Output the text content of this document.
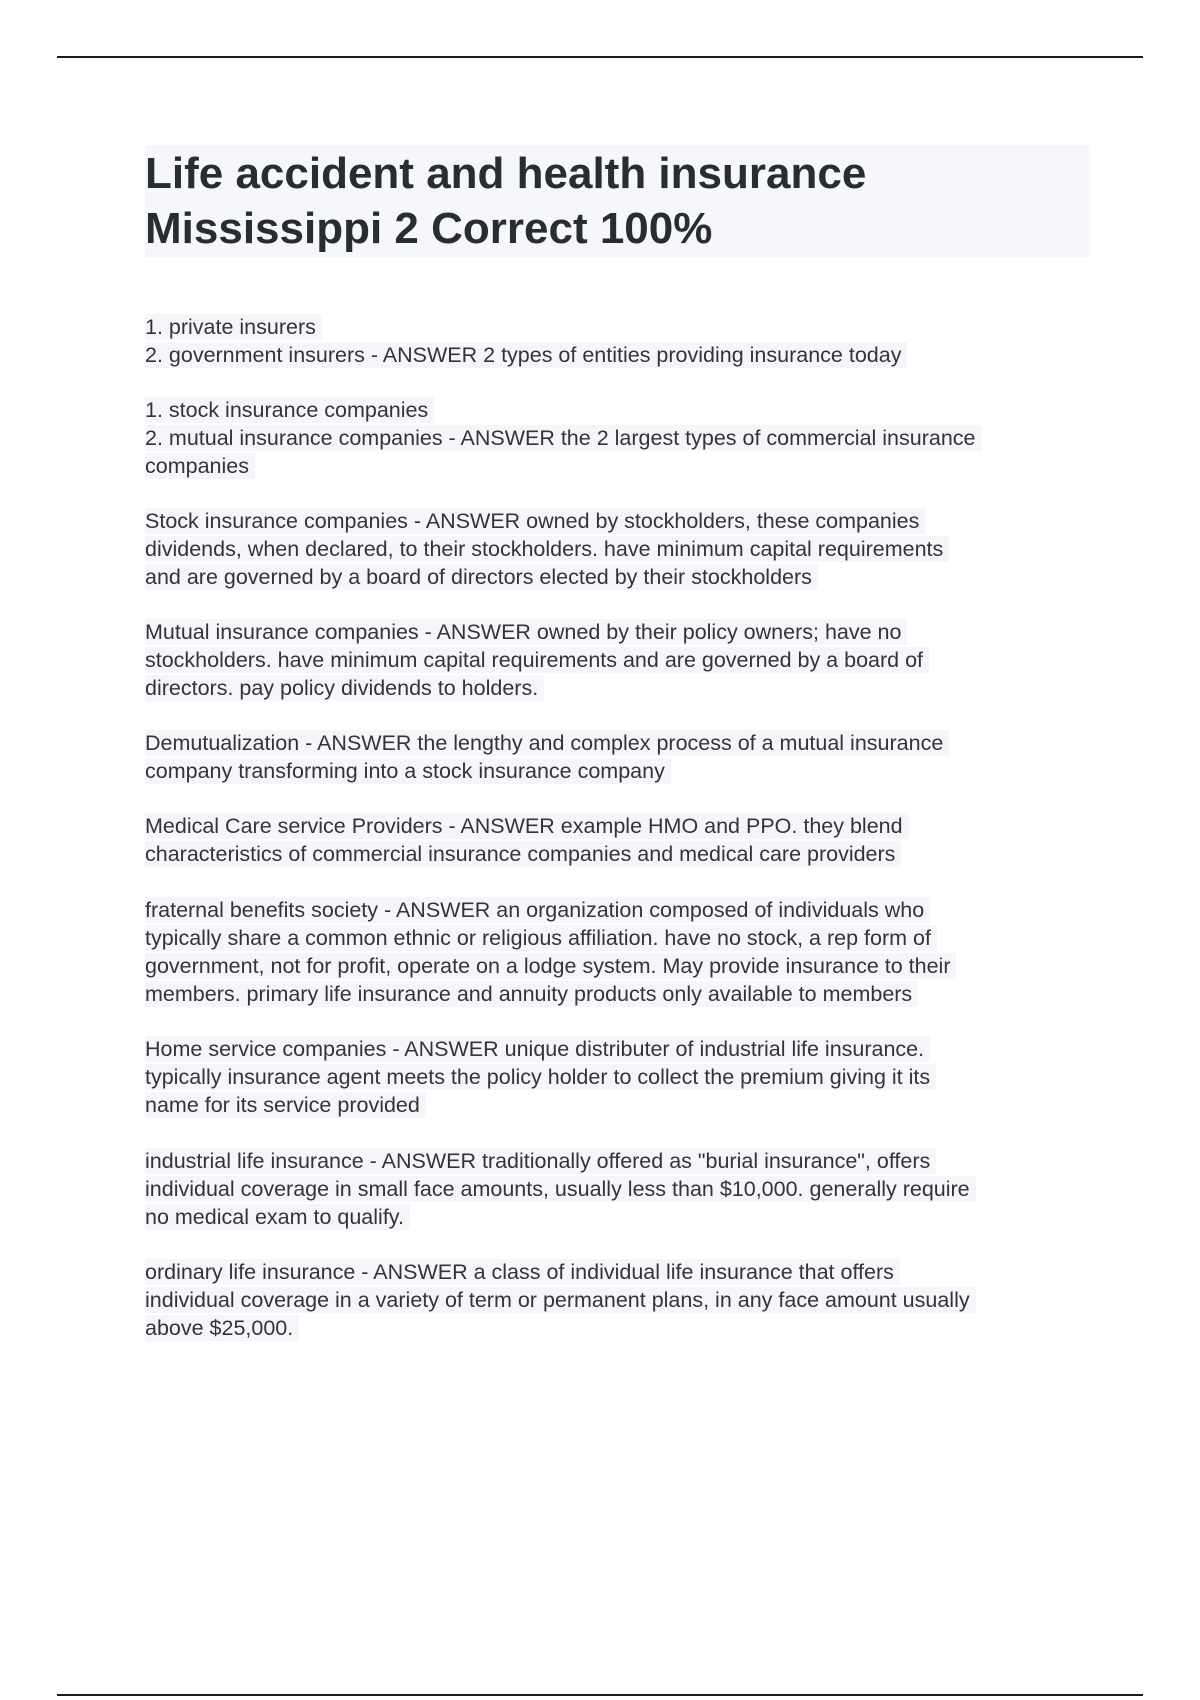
Life accident and health insurance
Mississippi 2 Correct 100%
1. private insurers
2. government insurers - ANSWER 2 types of entities providing insurance today
1. stock insurance companies
2. mutual insurance companies - ANSWER the 2 largest types of commercial insurance
companies
Stock insurance companies - ANSWER owned by stockholders, these companies
dividends, when declared, to their stockholders. have minimum capital requirements
and are governed by a board of directors elected by their stockholders
Mutual insurance companies - ANSWER owned by their policy owners; have no
stockholders. have minimum capital requirements and are governed by a board of
directors. pay policy dividends to holders.
Demutualization - ANSWER the lengthy and complex process of a mutual insurance
company transforming into a stock insurance company
Medical Care service Providers - ANSWER example HMO and PPO. they blend
characteristics of commercial insurance companies and medical care providers
fraternal benefits society - ANSWER an organization composed of individuals who
typically share a common ethnic or religious affiliation. have no stock, a rep form of
government, not for profit, operate on a lodge system. May provide insurance to their
members. primary life insurance and annuity products only available to members
Home service companies - ANSWER unique distributer of industrial life insurance.
typically insurance agent meets the policy holder to collect the premium giving it its
name for its service provided
industrial life insurance - ANSWER traditionally offered as "burial insurance", offers
individual coverage in small face amounts, usually less than $10,000. generally require
no medical exam to qualify.
ordinary life insurance - ANSWER a class of individual life insurance that offers
individual coverage in a variety of term or permanent plans, in any face amount usually
above $25,000.
